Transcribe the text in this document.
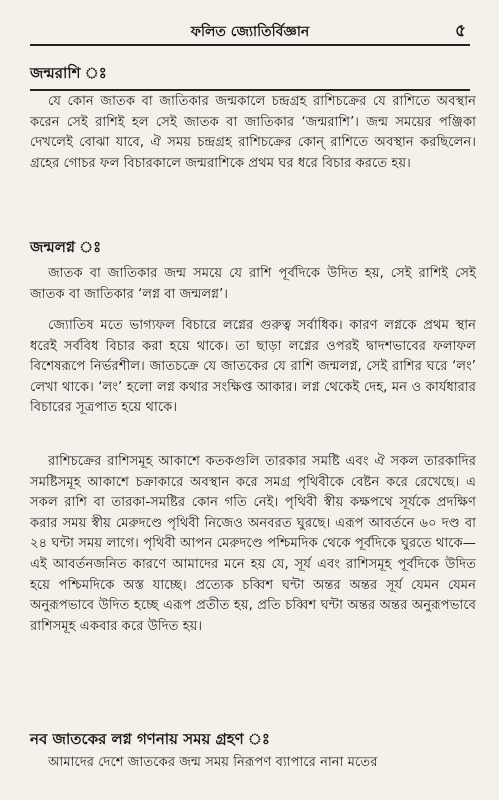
ফলিত জ্যোতির্বিজ্ঞান	৫
জন্মরাশি ঃ

যে কোন জাতক বা জাতিকার জন্মকালে চন্দ্রগ্রহ রাশিচক্রের যে রাশিতে অবস্থান করেন সেই রাশিই হল সেই জাতক বা জাতিকার ‘জন্মরাশি’। জন্ম সময়ের পঞ্জিকা দেখলেই বোঝা যাবে, ঐ সময় চন্দ্রগ্রহ রাশিচক্রের কোন্ রাশিতে অবস্থান করছিলেন। গ্রহের গোচর ফল বিচারকালে জন্মরাশিকে প্রথম ঘর ধরে বিচার করতে হয়।

জন্মলগ্ন ঃ

জাতক বা জাতিকার জন্ম সময়ে যে রাশি পূর্বদিকে উদিত হয়, সেই রাশিই সেই জাতক বা জাতিকার ‘লগ্ন বা জন্মলগ্ন’।

জ্যোতিষ মতে ভাগ্যফল বিচারে লগ্নের গুরুত্ব সর্বাধিক। কারণ লগ্নকে প্রথম স্থান ধরেই সর্ববিধ বিচার করা হয়ে থাকে। তা ছাড়া লগ্নের ওপরই দ্বাদশভাবের ফলাফল বিশেষরূপে নির্ভরশীল। জাতচক্রে যে জাতকের যে রাশি জন্মলগ্ন, সেই রাশির ঘরে ‘লং’ লেখা থাকে। ‘লং’ হলো লগ্ন কথার সংক্ষিপ্ত আকার। লগ্ন থেকেই দেহ, মন ও কার্যধারার বিচারের সূত্রপাত হয়ে থাকে।

রাশিচক্রের রাশিসমূহ আকাশে কতকগুলি তারকার সমষ্টি এবং ঐ সকল তারকাদির সমষ্টিসমূহ আকাশে চক্রাকারে অবস্থান করে সমগ্র পৃথিবীকে বেষ্টন করে রেখেছে। এ সকল রাশি বা তারকা-সমষ্টির কোন গতি নেই। পৃথিবী স্বীয় কক্ষপথে সূর্যকে প্রদক্ষিণ করার সময় স্বীয় মেরুদণ্ডে পৃথিবী নিজেও অনবরত ঘুরছে। এরূপ আবর্তনে ৬০ দণ্ড বা ২৪ ঘন্টা সময় লাগে। পৃথিবী আপন মেরুদণ্ডে পশ্চিমদিক থেকে পূর্বদিকে ঘুরতে থাকে—এই আবর্তনজনিত কারণে আমাদের মনে হয় যে, সূর্য এবং রাশিসমূহ পূর্বদিকে উদিত হয়ে পশ্চিমদিকে অস্ত যাচ্ছে। প্রত্যেক চব্বিশ ঘন্টা অন্তর অন্তর সূর্য যেমন যেমন অনুরূপভাবে উদিত হচ্ছে এরূপ প্রতীত হয়, প্রতি চব্বিশ ঘন্টা অন্তর অন্তর অনুরূপভাবে রাশিসমূহ একবার করে উদিত হয়।

নব জাতকের লগ্ন গণনায় সময় গ্রহণ ঃ

আমাদের দেশে জাতকের জন্ম সময় নিরূপণ ব্যাপারে নানা মতের
